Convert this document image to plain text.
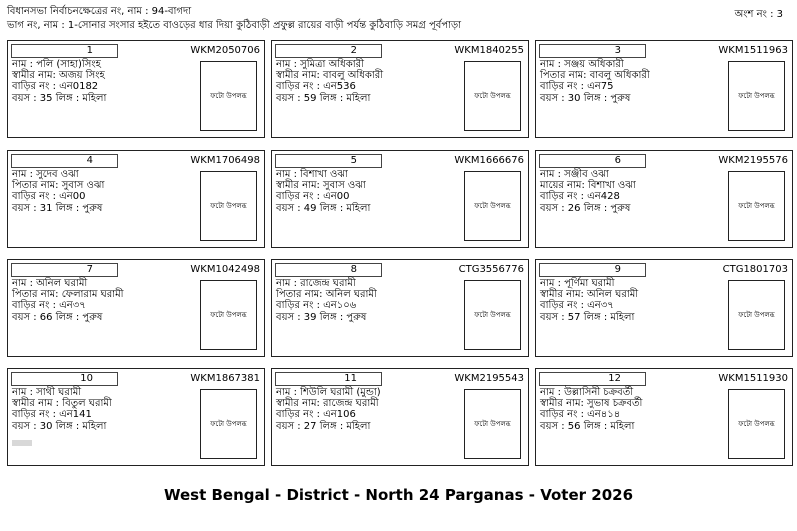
বিধানসভা নির্বাচনক্ষেত্রের নং, নাম : 94-বাগদা
ভাগ নং, নাম : 1-সোনার সংসার হইতে বাওড়ের ধার দিয়া কুঠিবাড়ী প্রফুল্ল রায়ের বাড়ী পর্যন্ত কুঠিবাড়ি সমগ্র পূর্বপাড়া
অংশ নং : 3
1	WKM2050706
নাম : পলি (সাহা)সিংহ
স্বামীর নাম: অজয় সিংহ
বাড়ির নং : এন0182
বয়স : 35 লিঙ্গ : মহিলা	ফটো উপলব্ধ
2	WKM1840255
নাম : সুমিত্রা অধিকারী
স্বামীর নাম: বাবলু অধিকারী
বাড়ির নং : এন536
বয়স : 59 লিঙ্গ : মহিলা	ফটো উপলব্ধ
3	WKM1511963
নাম : সঞ্জয় অধিকারী
পিতার নাম: বাবলু অধিকারী
বাড়ির নং : এন75
বয়স : 30 লিঙ্গ : পুরুষ	ফটো উপলব্ধ
4	WKM1706498
নাম : সুদেব ওঝা
পিতার নাম: সুবাস ওঝা
বাড়ির নং : এন00
বয়স : 31 লিঙ্গ : পুরুষ	ফটো উপলব্ধ
5	WKM1666676
নাম : বিশাখা ওঝা
স্বামীর নাম: সুবাস ওঝা
বাড়ির নং : এন00
বয়স : 49 লিঙ্গ : মহিলা	ফটো উপলব্ধ
6	WKM2195576
নাম : সঞ্জীব ওঝা
মায়ের নাম: বিশাখা ওঝা
বাড়ির নং : এন428
বয়স : 26 লিঙ্গ : পুরুষ	ফটো উপলব্ধ
7	WKM1042498
নাম : অনিল ঘরামী
পিতার নাম: ফেলারাম ঘরামী
বাড়ির নং : এন৩৭
বয়স : 66 লিঙ্গ : পুরুষ	ফটো উপলব্ধ
8	CTG3556776
নাম : রাজেন্দ্র ঘরামী
পিতার নাম: অনিল ঘরামী
বাড়ির নং : এন১০৬
বয়স : 39 লিঙ্গ : পুরুষ	ফটো উপলব্ধ
9	CTG1801703
নাম : পূর্ণিমা ঘরামী
স্বামীর নাম: অনিল ঘরামী
বাড়ির নং : এন৩৭
বয়স : 57 লিঙ্গ : মহিলা	ফটো উপলব্ধ
10	WKM1867381
নাম : সাথী ঘরামী
স্বামীর নাম : বিতুল ঘরামী
বাড়ির নং : এন141
বয়স : 30 লিঙ্গ : মহিলা	ফটো উপলব্ধ
11	WKM2195543
নাম : শিউলি ঘরামী (মুন্ডা)
স্বামীর নাম: রাজেন্দ্র ঘরামী
বাড়ির নং : এন106
বয়স : 27 লিঙ্গ : মহিলা	ফটো উপলব্ধ
12	WKM1511930
নাম : উল্লাসিনী চক্রবর্তী
স্বামীর নাম: সুভাষ চক্রবর্তী
বাড়ির নং : এন৪১৪
বয়স : 56 লিঙ্গ : মহিলা	ফটো উপলব্ধ
West Bengal - District - North 24 Parganas - Voter 2026
